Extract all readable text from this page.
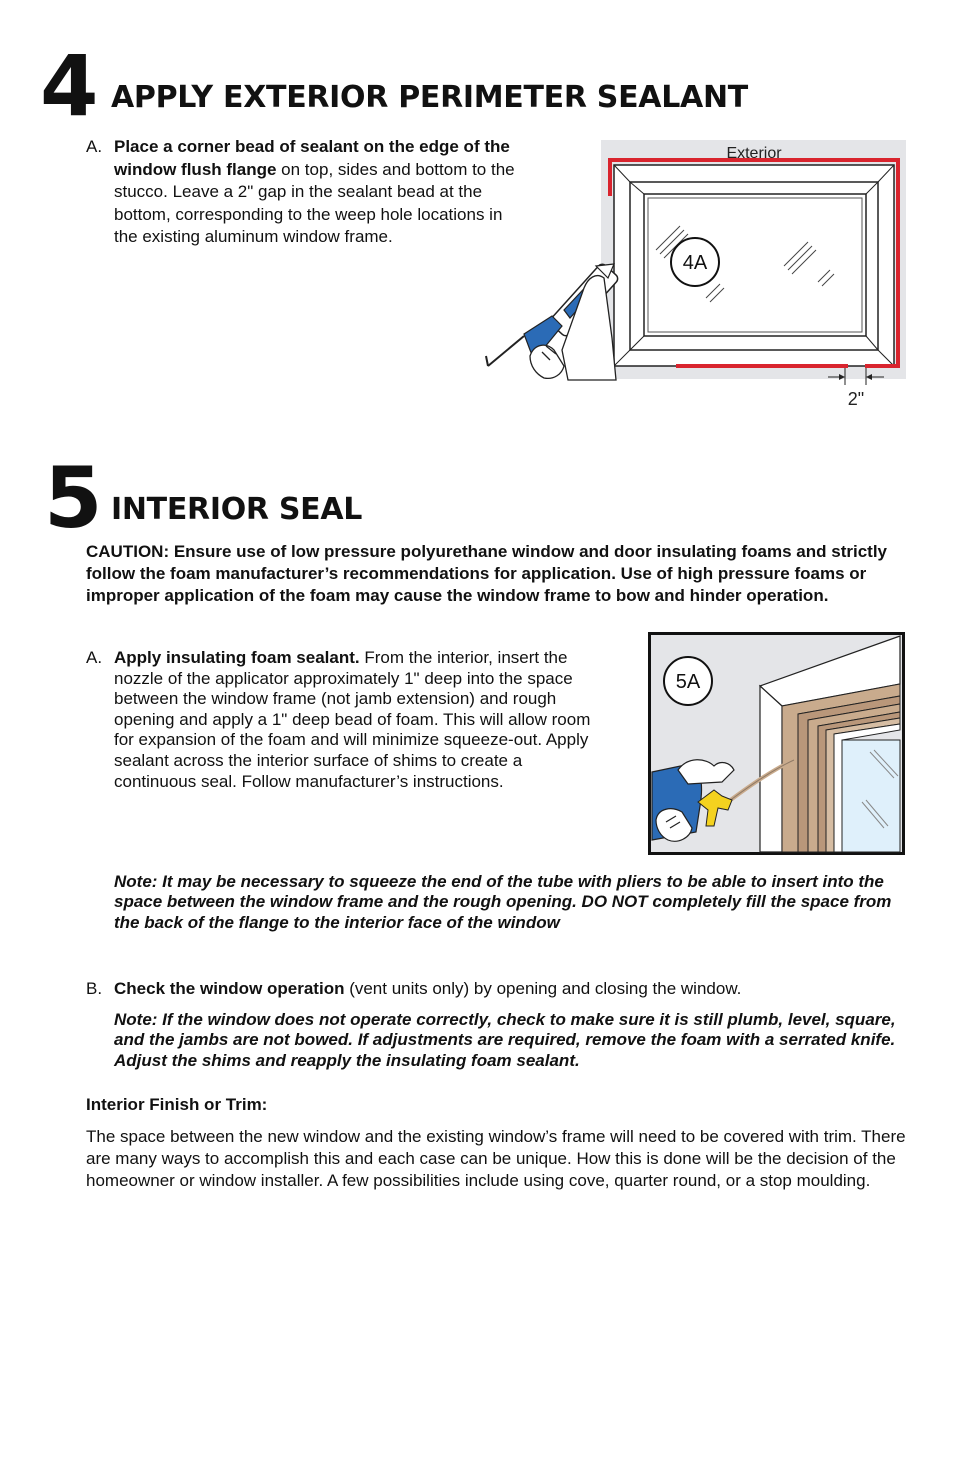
4 APPLY EXTERIOR PERIMETER SEALANT
A. Place a corner bead of sealant on the edge of the window flush flange on top, sides and bottom to the stucco. Leave a 2" gap in the sealant bead at the bottom, corresponding to the weep hole locations in the existing aluminum window frame.
Exterior
2"
4A
5 INTERIOR SEAL
CAUTION: Ensure use of low pressure polyurethane window and door insulating foams and strictly follow the foam manufacturer’s recommendations for application. Use of high pressure foams or improper application of the foam may cause the window frame to bow and hinder operation.
A. Apply insulating foam sealant. From the interior, insert the nozzle of the applicator approximately 1" deep into the space between the window frame (not jamb extension) and rough opening and apply a 1" deep bead of foam. This will allow room for expansion of the foam and will minimize squeeze-out. Apply sealant across the interior surface of shims to create a continuous seal. Follow manufacturer’s instructions.
5A
Note: It may be necessary to squeeze the end of the tube with pliers to be able to insert into the space between the window frame and the rough opening. DO NOT completely fill the space from the back of the flange to the interior face of the window
B. Check the window operation (vent units only) by opening and closing the window.
Note: If the window does not operate correctly, check to make sure it is still plumb, level, square, and the jambs are not bowed. If adjustments are required, remove the foam with a serrated knife. Adjust the shims and reapply the insulating foam sealant.
Interior Finish or Trim:
The space between the new window and the existing window’s frame will need to be covered with trim. There are many ways to accomplish this and each case can be unique. How this is done will be the decision of the homeowner or window installer. A few possibilities include using cove, quarter round, or a stop moulding.
